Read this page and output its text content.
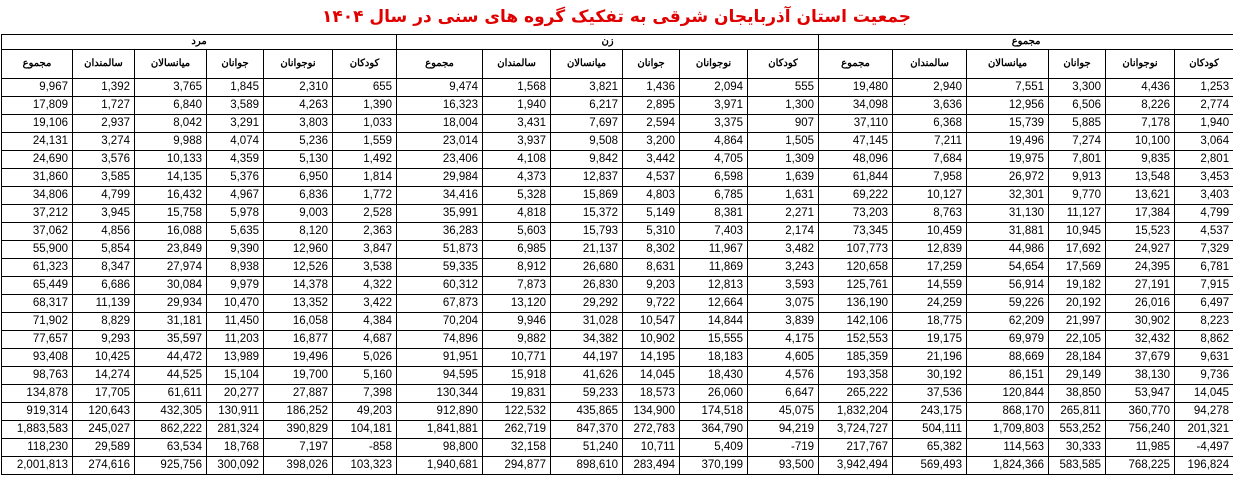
جمعیت استان آذربایجان شرقی به تفکیک گروه های سنی در سال ۱۴۰۴
مرد						زن						مجموع					
مجموع	سالمندان	میانسالان	جوانان	نوجوانان	کودکان	مجموع	سالمندان	میانسالان	جوانان	نوجوانان	کودکان	مجموع	سالمندان	میانسالان	جوانان	نوجوانان	کودکان
9,967	1,392	3,765	1,845	2,310	655	9,474	1,568	3,821	1,436	2,094	555	19,480	2,940	7,551	3,300	4,436	1,253
17,809	1,727	6,840	3,589	4,263	1,390	16,323	1,940	6,217	2,895	3,971	1,300	34,098	3,636	12,956	6,506	8,226	2,774
19,106	2,937	8,042	3,291	3,803	1,033	18,004	3,431	7,697	2,594	3,375	907	37,110	6,368	15,739	5,885	7,178	1,940
24,131	3,274	9,988	4,074	5,236	1,559	23,014	3,937	9,508	3,200	4,864	1,505	47,145	7,211	19,496	7,274	10,100	3,064
24,690	3,576	10,133	4,359	5,130	1,492	23,406	4,108	9,842	3,442	4,705	1,309	48,096	7,684	19,975	7,801	9,835	2,801
31,860	3,585	14,135	5,376	6,950	1,814	29,984	4,373	12,837	4,537	6,598	1,639	61,844	7,958	26,972	9,913	13,548	3,453
34,806	4,799	16,432	4,967	6,836	1,772	34,416	5,328	15,869	4,803	6,785	1,631	69,222	10,127	32,301	9,770	13,621	3,403
37,212	3,945	15,758	5,978	9,003	2,528	35,991	4,818	15,372	5,149	8,381	2,271	73,203	8,763	31,130	11,127	17,384	4,799
37,062	4,856	16,088	5,635	8,120	2,363	36,283	5,603	15,793	5,310	7,403	2,174	73,345	10,459	31,881	10,945	15,523	4,537
55,900	5,854	23,849	9,390	12,960	3,847	51,873	6,985	21,137	8,302	11,967	3,482	107,773	12,839	44,986	17,692	24,927	7,329
61,323	8,347	27,974	8,938	12,526	3,538	59,335	8,912	26,680	8,631	11,869	3,243	120,658	17,259	54,654	17,569	24,395	6,781
65,449	6,686	30,084	9,979	14,378	4,322	60,312	7,873	26,830	9,203	12,813	3,593	125,761	14,559	56,914	19,182	27,191	7,915
68,317	11,139	29,934	10,470	13,352	3,422	67,873	13,120	29,292	9,722	12,664	3,075	136,190	24,259	59,226	20,192	26,016	6,497
71,902	8,829	31,181	11,450	16,058	4,384	70,204	9,946	31,028	10,547	14,844	3,839	142,106	18,775	62,209	21,997	30,902	8,223
77,657	9,293	35,597	11,203	16,877	4,687	74,896	9,882	34,382	10,902	15,555	4,175	152,553	19,175	69,979	22,105	32,432	8,862
93,408	10,425	44,472	13,989	19,496	5,026	91,951	10,771	44,197	14,195	18,183	4,605	185,359	21,196	88,669	28,184	37,679	9,631
98,763	14,274	44,525	15,104	19,700	5,160	94,595	15,918	41,626	14,045	18,430	4,576	193,358	30,192	86,151	29,149	38,130	9,736
134,878	17,705	61,611	20,277	27,887	7,398	130,344	19,831	59,233	18,573	26,060	6,647	265,222	37,536	120,844	38,850	53,947	14,045
919,314	120,643	432,305	130,911	186,252	49,203	912,890	122,532	435,865	134,900	174,518	45,075	1,832,204	243,175	868,170	265,811	360,770	94,278
1,883,583	245,027	862,222	281,324	390,829	104,181	1,841,881	262,719	847,370	272,783	364,790	94,219	3,724,727	504,111	1,709,803	553,252	756,240	201,321
118,230	29,589	63,534	18,768	7,197	-858	98,800	32,158	51,240	10,711	5,409	-719	217,767	65,382	114,563	30,333	11,985	-4,497
2,001,813	274,616	925,756	300,092	398,026	103,323	1,940,681	294,877	898,610	283,494	370,199	93,500	3,942,494	569,493	1,824,366	583,585	768,225	196,824
